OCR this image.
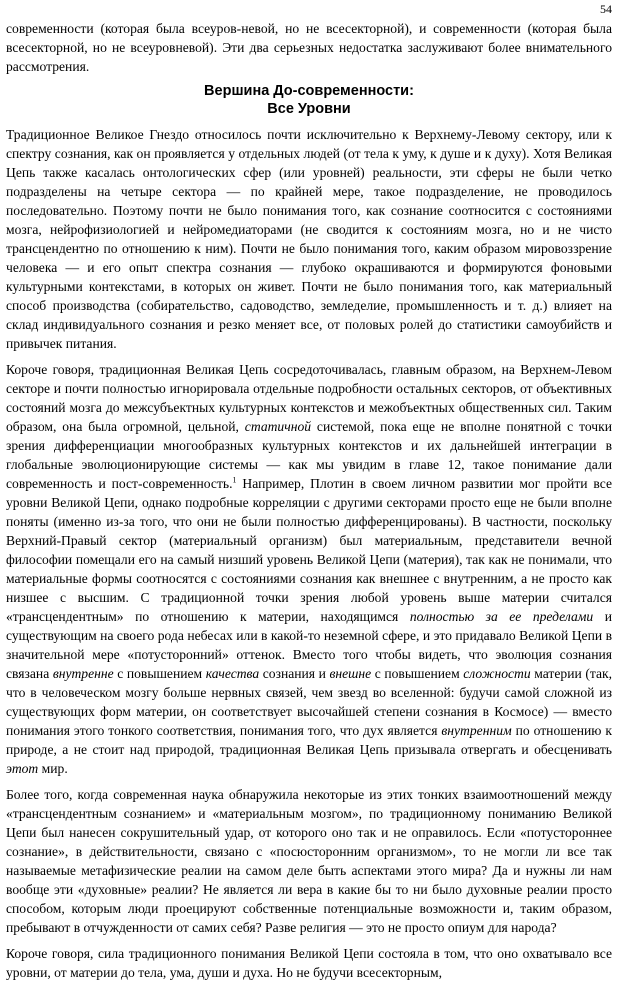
54

современности (которая была всеуров-невой, но не всесекторной), и современности (которая была всесекторной, но не всеуровневой). Эти два серьезных недостатка заслуживают более внимательного рассмотрения.

Вершина До-современности:
Все Уровни

Традиционное Великое Гнездо относилось почти исключительно к Верхнему-Левому сектору, или к спектру сознания, как он проявляется у отдельных людей (от тела к уму, к душе и к духу). Хотя Великая Цепь также касалась онтологических сфер (или уровней) реальности, эти сферы не были четко подразделены на четыре сектора — по крайней мере, такое подразделение, не проводилось последовательно. Поэтому почти не было понимания того, как сознание соотносится с состояниями мозга, нейрофизиологией и нейромедиаторами (не сводится к состояниям мозга, но и не чисто трансцендентно по отношению к ним). Почти не было понимания того, каким образом мировоззрение человека — и его опыт спектра сознания — глубоко окрашиваются и формируются фоновыми культурными контекстами, в которых он живет. Почти не было понимания того, как материальный способ производства (собирательство, садоводство, земледелие, промышленность и т. д.) влияет на склад индивидуального сознания и резко меняет все, от половых ролей до статистики самоубийств и привычек питания.

Короче говоря, традиционная Великая Цепь сосредоточивалась, главным образом, на Верхнем-Левом секторе и почти полностью игнорировала отдельные подробности остальных секторов, от объективных состояний мозга до межсубъектных культурных контекстов и межобъектных общественных сил. Таким образом, она была огромной, цельной, статичной системой, пока еще не вполне понятной с точки зрения дифференциации многообразных культурных контекстов и их дальнейшей интеграции в глобальные эволюционирующие системы — как мы увидим в главе 12, такое понимание дали современность и пост-современность.$^1$ Например, Плотин в своем личном развитии мог пройти все уровни Великой Цепи, однако подробные корреляции с другими секторами просто еще не были вполне поняты (именно из-за того, что они не были полностью дифференцированы). В частности, поскольку Верхний-Правый сектор (материальный организм) был материальным, представители вечной философии помещали его на самый низший уровень Великой Цепи (материя), так как не понимали, что материальные формы соотносятся с состояниями сознания как внешнее с внутренним, а не просто как низшее с высшим. С традиционной точки зрения любой уровень выше материи считался «трансцендентным» по отношению к материи, находящимся полностью за ее пределами и существующим на своего рода небесах или в какой-то неземной сфере, и это придавало Великой Цепи в значительной мере «потусторонний» оттенок. Вместо того чтобы видеть, что эволюция сознания связана внутренне с повышением качества сознания и внешне с повышением сложности материи (так, что в человеческом мозгу больше нервных связей, чем звезд во вселенной: будучи самой сложной из существующих форм материи, он соответствует высочайшей степени сознания в Космосе) — вместо понимания этого тонкого соответствия, понимания того, что дух является внутренним по отношению к природе, а не стоит над природой, традиционная Великая Цепь призывала отвергать и обесценивать этот мир.

Более того, когда современная наука обнаружила некоторые из этих тонких взаимоотношений между «трансцендентным сознанием» и «материальным мозгом», по традиционному пониманию Великой Цепи был нанесен сокрушительный удар, от которого оно так и не оправилось. Если «потустороннее сознание», в действительности, связано с «посюсторонним организмом», то не могли ли все так называемые метафизические реалии на самом деле быть аспектами этого мира? Да и нужны ли нам вообще эти «духовные» реалии? Не является ли вера в какие бы то ни было духовные реалии просто способом, которым люди проецируют собственные потенциальные возможности и, таким образом, пребывают в отчужденности от самих себя? Разве религия — это не просто опиум для народа?

Короче говоря, сила традиционного понимания Великой Цепи состояла в том, что оно охватывало все уровни, от материи до тела, ума, души и духа. Но не будучи всесекторным,
